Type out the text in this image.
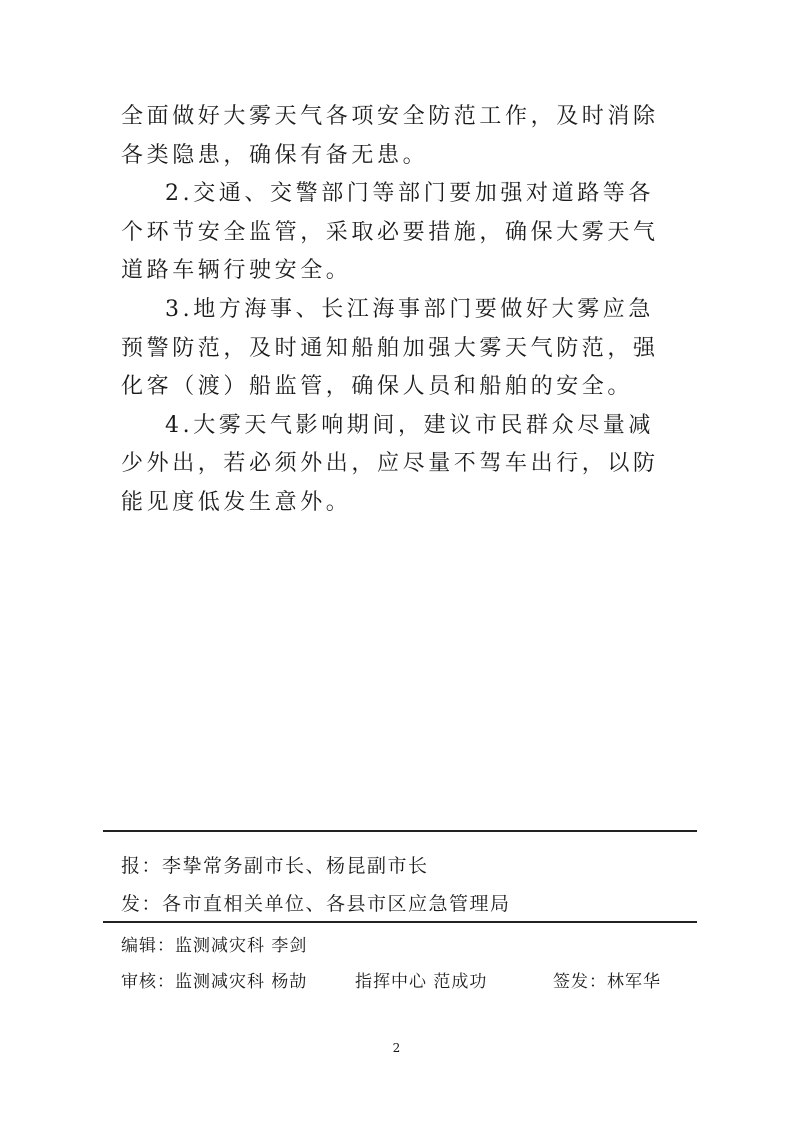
全面做好大雾天气各项安全防范工作，及时消除各类隐患，确保有备无患。

2.交通、交警部门等部门要加强对道路等各个环节安全监管，采取必要措施，确保大雾天气道路车辆行驶安全。

3.地方海事、长江海事部门要做好大雾应急预警防范，及时通知船舶加强大雾天气防范，强化客（渡）船监管，确保人员和船舶的安全。

4.大雾天气影响期间，建议市民群众尽量减少外出，若必须外出，应尽量不驾车出行，以防能见度低发生意外。

报：李挚常务副市长、杨昆副市长
发：各市直相关单位、各县市区应急管理局
编辑：监测减灾科 李剑
审核：监测减灾科 杨劼	指挥中心 范成功	签发：林军华
2
